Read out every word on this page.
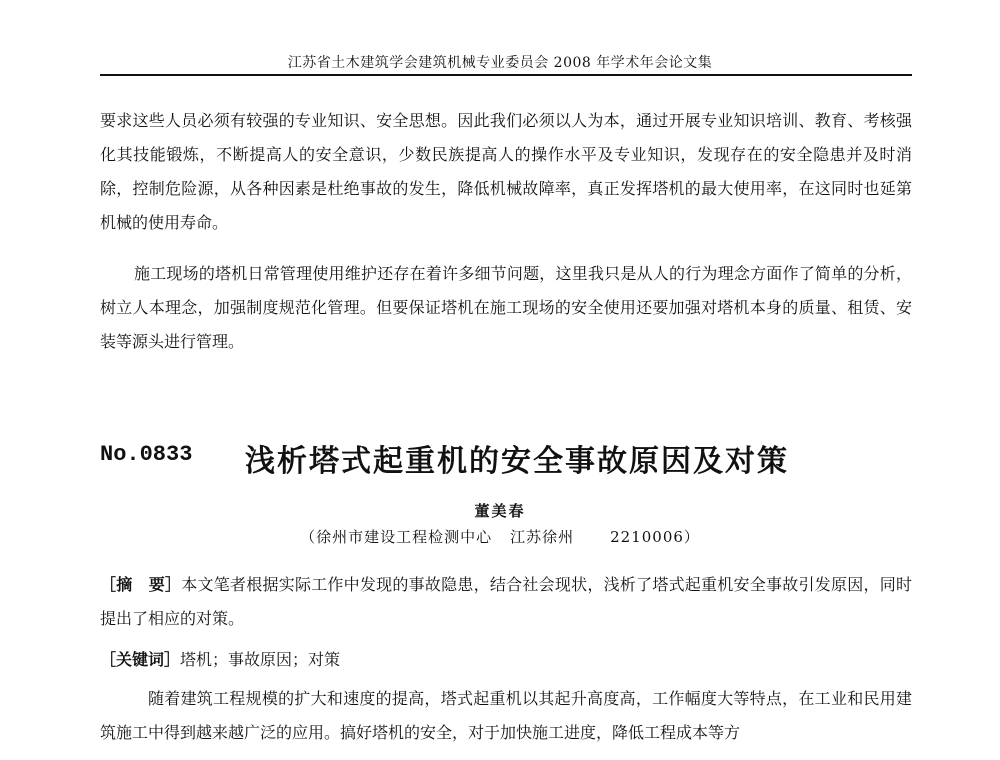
江苏省土木建筑学会建筑机械专业委员会 2008 年学术年会论文集

要求这些人员必须有较强的专业知识、安全思想。因此我们必须以人为本，通过开展专业知识培训、教育、考核强化其技能锻炼，不断提高人的安全意识，少数民族提高人的操作水平及专业知识，发现存在的安全隐患并及时消除，控制危险源，从各种因素是杜绝事故的发生，降低机械故障率，真正发挥塔机的最大使用率，在这同时也延第机械的使用寿命。

施工现场的塔机日常管理使用维护还存在着许多细节问题，这里我只是从人的行为理念方面作了简单的分析，树立人本理念，加强制度规范化管理。但要保证塔机在施工现场的安全使用还要加强对塔机本身的质量、租赁、安装等源头进行管理。

No.0833 浅析塔式起重机的安全事故原因及对策
董美春
（徐州市建设工程检测中心 江苏徐州 2210006）
［摘　要］本文笔者根据实际工作中发现的事故隐患，结合社会现状，浅析了塔式起重机安全事故引发原因，同时提出了相应的对策。
［关键词］塔机；事故原因；对策

随着建筑工程规模的扩大和速度的提高，塔式起重机以其起升高度高，工作幅度大等特点，在工业和民用建筑施工中得到越来越广泛的应用。搞好塔机的安全，对于加快施工进度，降低工程成本等方
